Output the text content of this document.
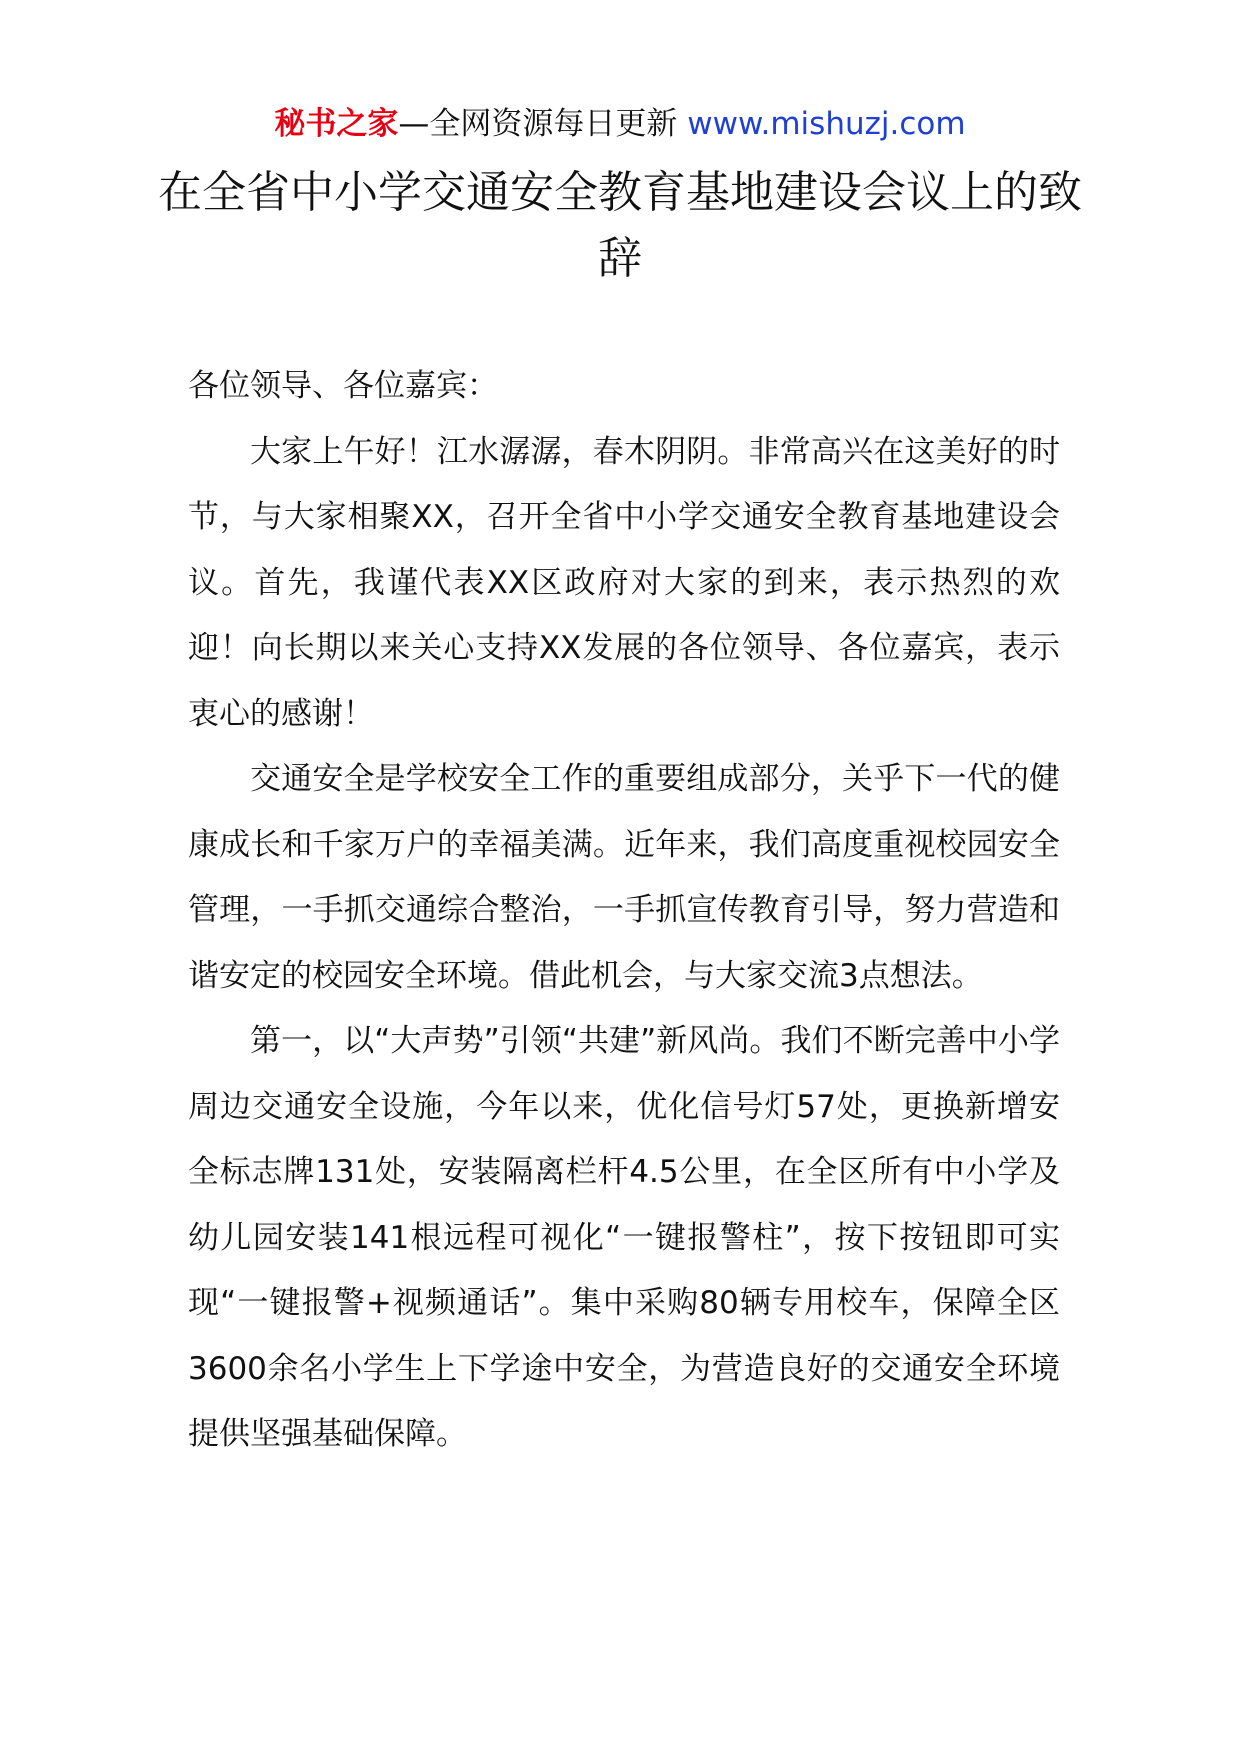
秘书之家—全网资源每日更新 www.mishuzj.com
在全省中小学交通安全教育基地建设会议上的致辞

各位领导、各位嘉宾：

大家上午好！江水潺潺，春木阴阴。非常高兴在这美好的时节，与大家相聚XX，召开全省中小学交通安全教育基地建设会议。首先，我谨代表XX区政府对大家的到来，表示热烈的欢迎！向长期以来关心支持XX发展的各位领导、各位嘉宾，表示衷心的感谢！

交通安全是学校安全工作的重要组成部分，关乎下一代的健康成长和千家万户的幸福美满。近年来，我们高度重视校园安全管理，一手抓交通综合整治，一手抓宣传教育引导，努力营造和谐安定的校园安全环境。借此机会，与大家交流3点想法。

第一，以“大声势”引领“共建”新风尚。我们不断完善中小学周边交通安全设施，今年以来，优化信号灯57处，更换新增安全标志牌131处，安装隔离栏杆4.5公里，在全区所有中小学及幼儿园安装141根远程可视化“一键报警柱”，按下按钮即可实现“一键报警+视频通话”。集中采购80辆专用校车，保障全区3600余名小学生上下学途中安全，为营造良好的交通安全环境提供坚强基础保障。
